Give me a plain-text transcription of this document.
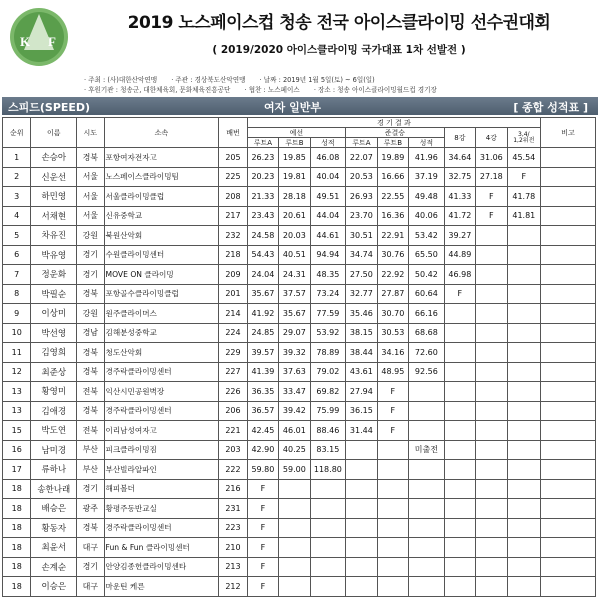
K F
2019 노스페이스컵 청송 전국 아이스클라이밍 선수권대회
( 2019/2020 아이스클라이밍 국가대표 1차 선발전 )
· 주최 : (사)대한산악연맹 · 주관 : 경상북도산악연맹 · 날짜 : 2019년 1월 5일(토) ~ 6일(일)
· 후원기관 : 청송군, 대한체육회, 문화체육진흥공단 · 협찬 : 노스페이스 · 장소 : 청송 아이스클라이밍월드컵 경기장
스피드(SPEED)	여자 일반부	[ 종합 성적표 ]
순위	이름	시도	소속	배번	경 기 결 과									비고
					예선			준결승			8강	4강	3,4/
1,2위전	
					루트A	루트B	성적	루트A	루트B	성적				
1	손승아	경북	포항여자전자고	205	26.23	19.85	46.08	22.07	19.89	41.96	34.64	31.06	45.54	
2	신운선	서울	노스페이스클라이밍팀	225	20.23	19.81	40.04	20.53	16.66	37.19	32.75	27.18	F	
3	하민영	서울	서울클라이밍클럽	208	21.33	28.18	49.51	26.93	22.55	49.48	41.33	F	41.78	
4	서채현	서울	신유중학교	217	23.43	20.61	44.04	23.70	16.36	40.06	41.72	F	41.81	
5	차유진	강원	북원산악회	232	24.58	20.03	44.61	30.51	22.91	53.42	39.27			
6	박유영	경기	수원클라이밍센터	218	54.43	40.51	94.94	34.74	30.76	65.50	44.89			
7	정운화	경기	MOVE ON 클라이밍	209	24.04	24.31	48.35	27.50	22.92	50.42	46.98			
8	박필순	경북	포항골수클라이밍클럽	201	35.67	37.57	73.24	32.77	27.87	60.64	F			
9	이상미	강원	원주클라이머스	214	41.92	35.67	77.59	35.46	30.70	66.16				
10	박선영	경남	김해분성중학교	224	24.85	29.07	53.92	38.15	30.53	68.68				
11	김영희	경북	청도산악회	229	39.57	39.32	78.89	38.44	34.16	72.60				
12	최준상	경북	경주락클라이밍센터	227	41.39	37.63	79.02	43.61	48.95	92.56				
13	황영미	전북	익산시민공원벽장	226	36.35	33.47	69.82	27.94	F					
13	김애경	경북	경주락클라이밍센터	206	36.57	39.42	75.99	36.15	F					
15	박도연	전북	이리남성여자고	221	42.45	46.01	88.46	31.44	F					
16	남미경	부산	피크클라이밍짐	203	42.90	40.25	83.15			미출전				
17	류하나	부산	부산빌라알파인	222	59.80	59.00	118.80							
18	송한나래	경기	해피볼더	216	F									
18	배승은	광주	황평주동반교실	231	F									
18	황동자	경북	경주락클라이밍센터	223	F									
18	최윤서	대구	Fun & Fun 클라이밍센터	210	F									
18	손계순	경기	안양김종헌클라이밍센타	213	F									
18	이승은	대구	마운틴 케른	212	F									
